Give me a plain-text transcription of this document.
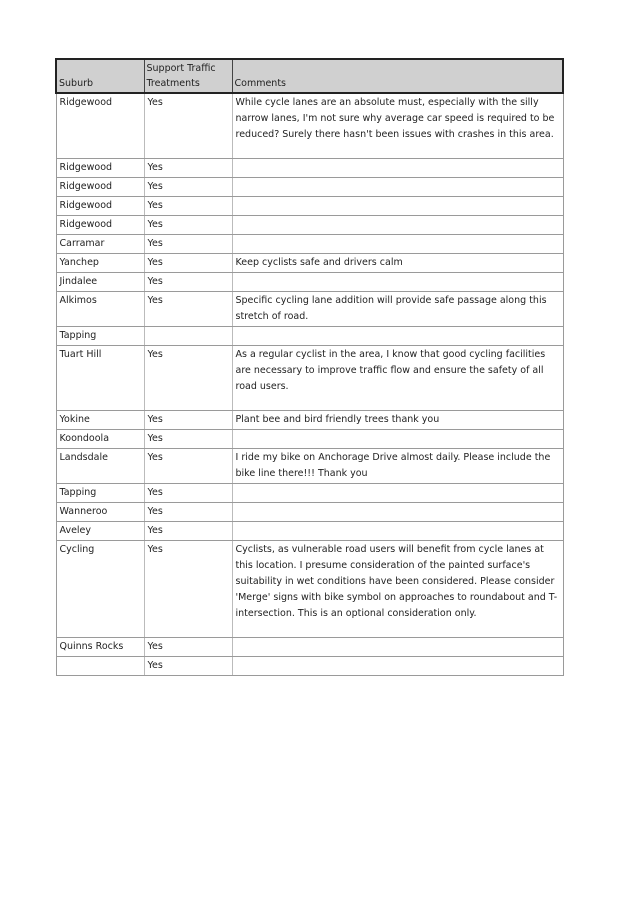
Suburb	Support Traffic Treatments	Comments
Ridgewood	Yes	While cycle lanes are an absolute must, especially with the silly narrow lanes, I'm not sure why average car speed is required to be reduced? Surely there hasn't been issues with crashes in this area.
Ridgewood	Yes	
Ridgewood	Yes	
Ridgewood	Yes	
Ridgewood	Yes	
Carramar	Yes	
Yanchep	Yes	Keep cyclists safe and drivers calm
Jindalee	Yes	
Alkimos	Yes	Specific cycling lane addition will provide safe passage along this stretch of road.
Tapping		
Tuart Hill	Yes	As a regular cyclist in the area, I know that good cycling facilities are necessary to improve traffic flow and ensure the safety of all road users.
Yokine	Yes	Plant bee and bird friendly trees thank you
Koondoola	Yes	
Landsdale	Yes	I ride my bike on Anchorage Drive almost daily. Please include the bike line there!!! Thank you
Tapping	Yes	
Wanneroo	Yes	
Aveley	Yes	
Cycling	Yes	Cyclists, as vulnerable road users will benefit from cycle lanes at this location. I presume consideration of the painted surface's suitability in wet conditions have been considered. Please consider 'Merge' signs with bike symbol on approaches to roundabout and T-intersection. This is an optional consideration only.
Quinns Rocks	Yes	
	Yes	
